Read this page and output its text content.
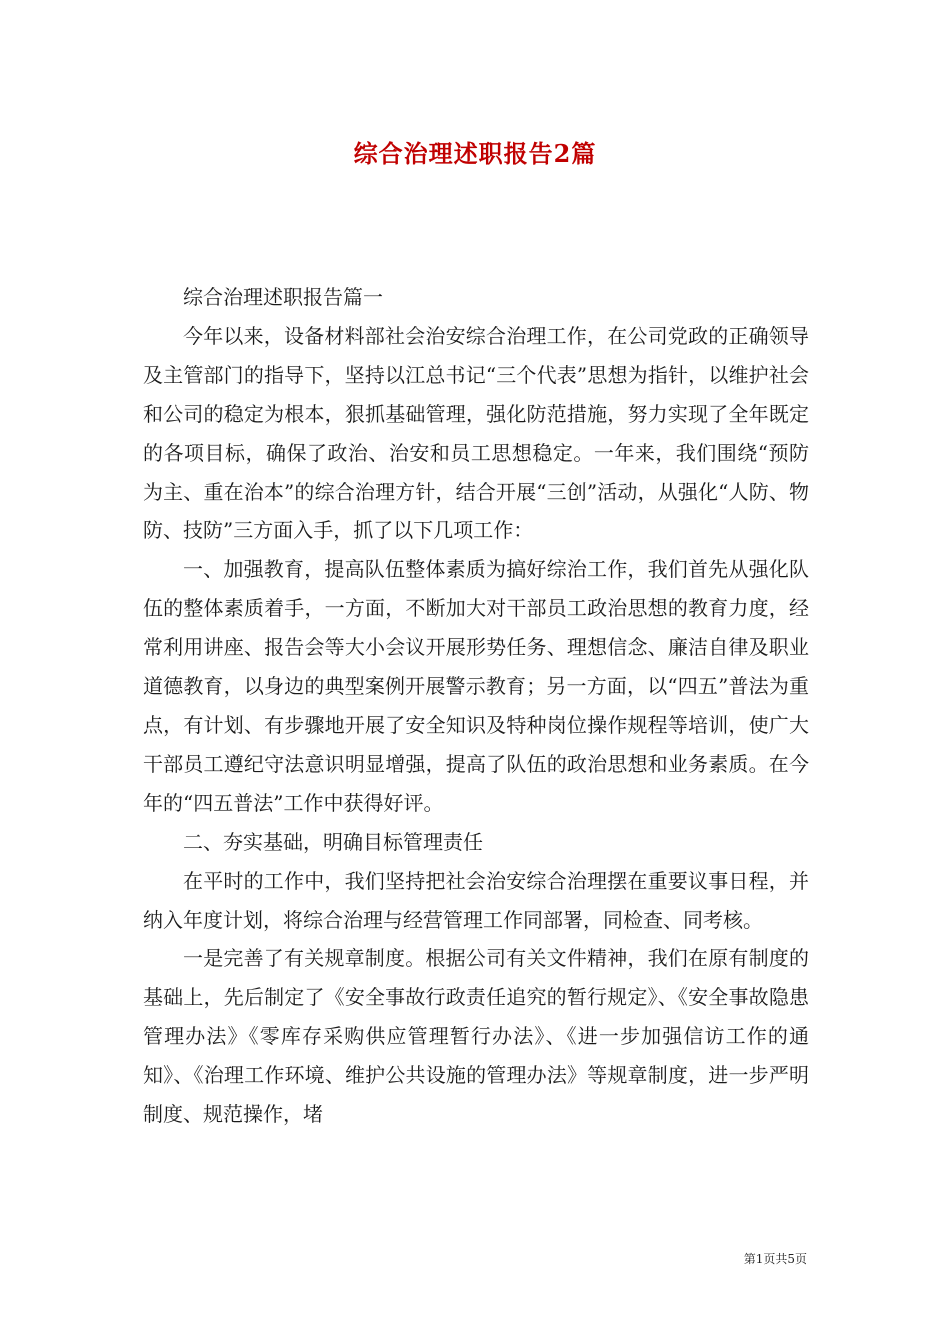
综合治理述职报告2篇

综合治理述职报告篇一

今年以来，设备材料部社会治安综合治理工作，在公司党政的正确领导及主管部门的指导下，坚持以江总书记“三个代表”思想为指针，以维护社会和公司的稳定为根本，狠抓基础管理，强化防范措施，努力实现了全年既定的各项目标，确保了政治、治安和员工思想稳定。一年来，我们围绕“预防为主、重在治本”的综合治理方针，结合开展“三创”活动，从强化“人防、物防、技防”三方面入手，抓了以下几项工作：

一、加强教育，提高队伍整体素质为搞好综治工作，我们首先从强化队伍的整体素质着手，一方面，不断加大对干部员工政治思想的教育力度，经常利用讲座、报告会等大小会议开展形势任务、理想信念、廉洁自律及职业道德教育，以身边的典型案例开展警示教育；另一方面，以“四五”普法为重点，有计划、有步骤地开展了安全知识及特种岗位操作规程等培训，使广大干部员工遵纪守法意识明显增强，提高了队伍的政治思想和业务素质。在今年的“四五普法”工作中获得好评。

二、夯实基础，明确目标管理责任

在平时的工作中，我们坚持把社会治安综合治理摆在重要议事日程，并纳入年度计划，将综合治理与经营管理工作同部署，同检查、同考核。

一是完善了有关规章制度。根据公司有关文件精神，我们在原有制度的基础上，先后制定了《安全事故行政责任追究的暂行规定》、《安全事故隐患管理办法》《零库存采购供应管理暂行办法》、《进一步加强信访工作的通知》、《治理工作环境、维护公共设施的管理办法》等规章制度，进一步严明制度、规范操作，堵

第1页共5页
